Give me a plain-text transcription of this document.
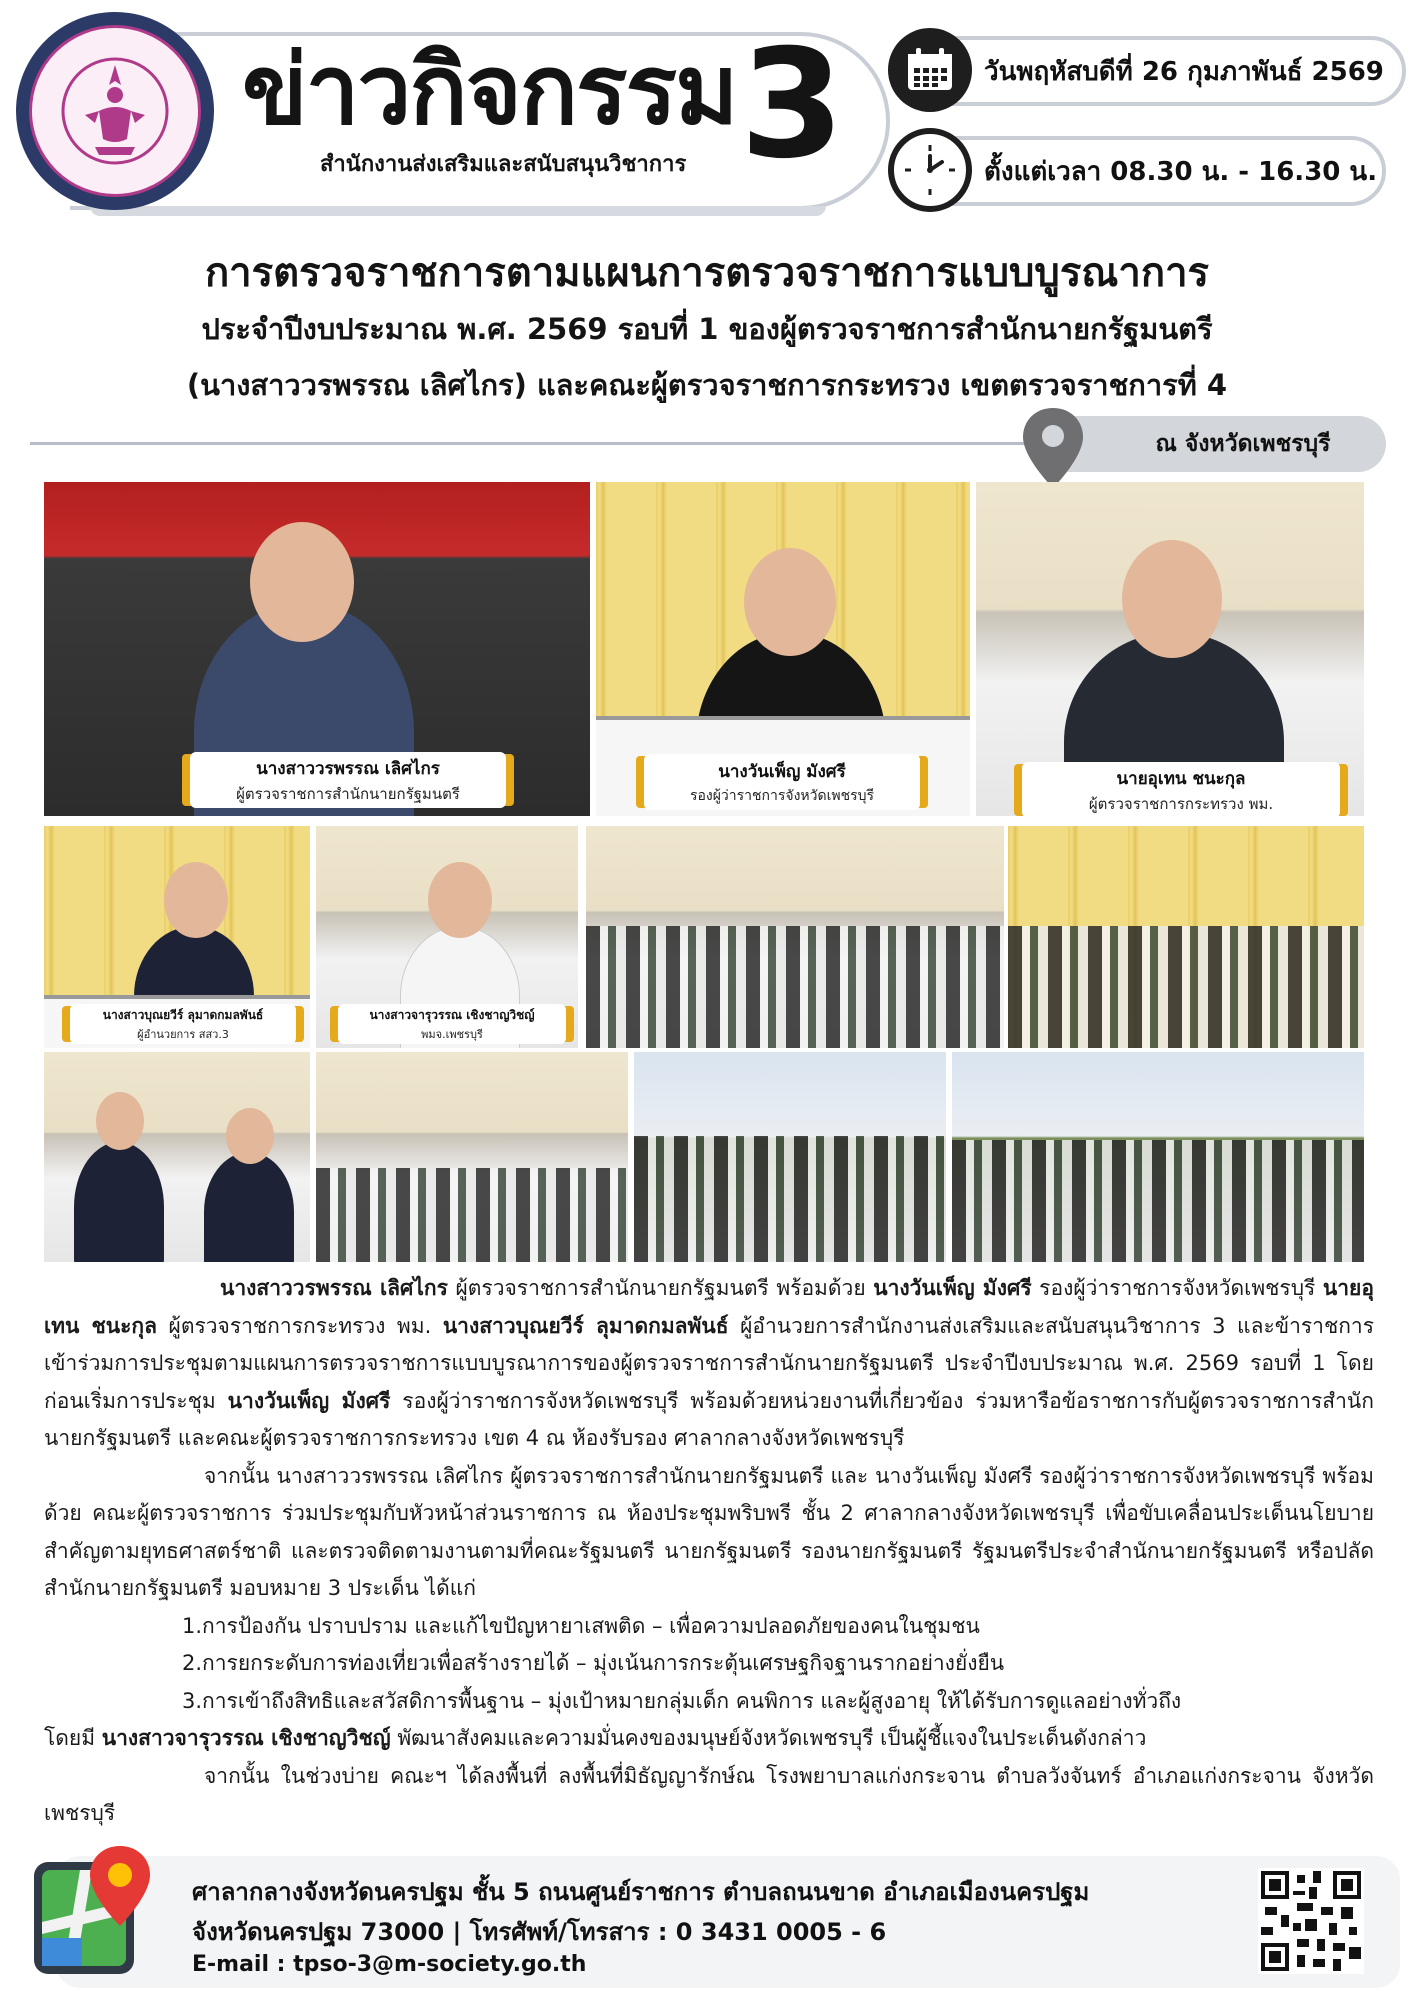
ข่าวกิจกรรม 3
สำนักงานส่งเสริมและสนับสนุนวิชาการ
วันพฤหัสบดีที่ 26 กุมภาพันธ์ 2569
ตั้งแต่เวลา 08.30 น. - 16.30 น.
การตรวจราชการตามแผนการตรวจราชการแบบบูรณาการ
ประจำปีงบประมาณ พ.ศ. 2569 รอบที่ 1 ของผู้ตรวจราชการสำนักนายกรัฐมนตรี
(นางสาววรพรรณ เลิศไกร) และคณะผู้ตรวจราชการกระทรวง เขตตรวจราชการที่ 4
ณ จังหวัดเพชรบุรี
นางสาววรพรรณ เลิศไกร
ผู้ตรวจราชการสำนักนายกรัฐมนตรี
นางวันเพ็ญ มังศรี
รองผู้ว่าราชการจังหวัดเพชรบุรี
นายอุเทน ชนะกุล
ผู้ตรวจราชการกระทรวง พม.
นางสาวบุณยวีร์ ลุมาดกมลพันธ์
ผู้อำนวยการ สสว.3
นางสาวจารุวรรณ เชิงชาญวิชญ์
พมจ.เพชรบุรี

นางสาววรพรรณ เลิศไกร ผู้ตรวจราชการสำนักนายกรัฐมนตรี พร้อมด้วย นางวันเพ็ญ มังศรี รองผู้ว่าราชการจังหวัดเพชรบุรี นายอุเทน ชนะกุล ผู้ตรวจราชการกระทรวง พม. นางสาวบุณยวีร์ ลุมาดกมลพันธ์ ผู้อำนวยการสำนักงานส่งเสริมและสนับสนุนวิชาการ 3 และข้าราชการ เข้าร่วมการประชุมตามแผนการตรวจราชการแบบบูรณาการของผู้ตรวจราชการสำนักนายกรัฐมนตรี ประจำปีงบประมาณ พ.ศ. 2569 รอบที่ 1 โดยก่อนเริ่มการประชุม นางวันเพ็ญ มังศรี รองผู้ว่าราชการจังหวัดเพชรบุรี พร้อมด้วยหน่วยงานที่เกี่ยวข้อง ร่วมหารือข้อราชการกับผู้ตรวจราชการสำนักนายกรัฐมนตรี และคณะผู้ตรวจราชการกระทรวง เขต 4 ณ ห้องรับรอง ศาลากลางจังหวัดเพชรบุรี

จากนั้น นางสาววรพรรณ เลิศไกร ผู้ตรวจราชการสำนักนายกรัฐมนตรี และ นางวันเพ็ญ มังศรี รองผู้ว่าราชการจังหวัดเพชรบุรี พร้อมด้วย คณะผู้ตรวจราชการ ร่วมประชุมกับหัวหน้าส่วนราชการ ณ ห้องประชุมพริบพรี ชั้น 2 ศาลากลางจังหวัดเพชรบุรี เพื่อขับเคลื่อนประเด็นนโยบายสำคัญตามยุทธศาสตร์ชาติ และตรวจติดตามงานตามที่คณะรัฐมนตรี นายกรัฐมนตรี รองนายกรัฐมนตรี รัฐมนตรีประจำสำนักนายกรัฐมนตรี หรือปลัดสำนักนายกรัฐมนตรี มอบหมาย 3 ประเด็น ได้แก่

1.การป้องกัน ปราบปราม และแก้ไขปัญหายาเสพติด – เพื่อความปลอดภัยของคนในชุมชน

2.การยกระดับการท่องเที่ยวเพื่อสร้างรายได้ – มุ่งเน้นการกระตุ้นเศรษฐกิจฐานรากอย่างยั่งยืน

3.การเข้าถึงสิทธิและสวัสดิการพื้นฐาน – มุ่งเป้าหมายกลุ่มเด็ก คนพิการ และผู้สูงอายุ ให้ได้รับการดูแลอย่างทั่วถึง

โดยมี นางสาวจารุวรรณ เชิงชาญวิชญ์ พัฒนาสังคมและความมั่นคงของมนุษย์จังหวัดเพชรบุรี เป็นผู้ชี้แจงในประเด็นดังกล่าว

จากนั้น ในช่วงบ่าย คณะฯ ได้ลงพื้นที่ ลงพื้นที่มิธัญญารักษ์ณ โรงพยาบาลแก่งกระจาน ตำบลวังจันทร์ อำเภอแก่งกระจาน จังหวัดเพชรบุรี

ศาลากลางจังหวัดนครปฐม ชั้น 5 ถนนศูนย์ราชการ ตำบลถนนขาด อำเภอเมืองนครปฐม
จังหวัดนครปฐม 73000 | โทรศัพท์/โทรสาร : 0 3431 0005 - 6
E-mail : tpso-3@m-society.go.th
